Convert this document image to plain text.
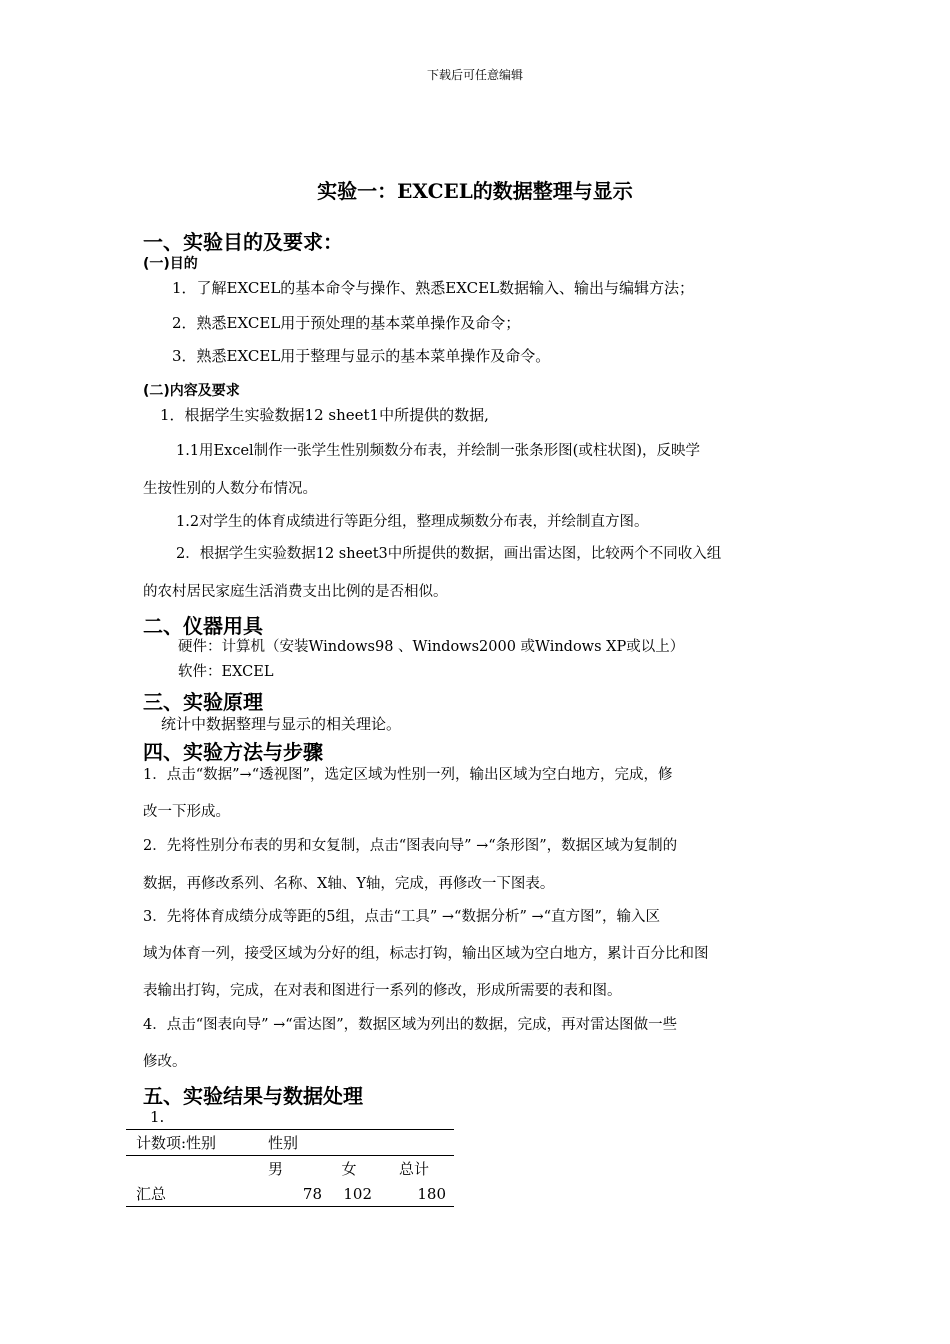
下载后可任意编辑
实验一：EXCEL的数据整理与显示
一、实验目的及要求：
(一)目的
1．了解EXCEL的基本命令与操作、熟悉EXCEL数据输入、输出与编辑方法；
2．熟悉EXCEL用于预处理的基本菜单操作及命令；
3．熟悉EXCEL用于整理与显示的基本菜单操作及命令。
(二)内容及要求
1．根据学生实验数据12 sheet1中所提供的数据,
1.1用Excel制作一张学生性别频数分布表，并绘制一张条形图(或柱状图)，反映学
生按性别的人数分布情况。
1.2对学生的体育成绩进行等距分组，整理成频数分布表，并绘制直方图。
2．根据学生实验数据12 sheet3中所提供的数据，画出雷达图，比较两个不同收入组
的农村居民家庭生活消费支出比例的是否相似。
二、仪器用具
硬件：计算机（安装Windows98 、Windows2000 或Windows XP或以上）
软件：EXCEL
三、实验原理
统计中数据整理与显示的相关理论。
四、实验方法与步骤
1．点击“数据”→“透视图”，选定区域为性别一列，输出区域为空白地方，完成，修
改一下形成。
2．先将性别分布表的男和女复制，点击“图表向导” →“条形图”，数据区域为复制的
数据，再修改系列、名称、X轴、Y轴，完成，再修改一下图表。
3．先将体育成绩分成等距的5组，点击“工具” →“数据分析” →“直方图”，输入区
域为体育一列，接受区域为分好的组，标志打钩，输出区域为空白地方，累计百分比和图
表输出打钩，完成，在对表和图进行一系列的修改，形成所需要的表和图。
4．点击“图表向导” →“雷达图”，数据区域为列出的数据，完成，再对雷达图做一些
修改。
五、实验结果与数据处理
1.
计数项:性别	性别			
	男	女	总计	
汇总	78	102	180	
